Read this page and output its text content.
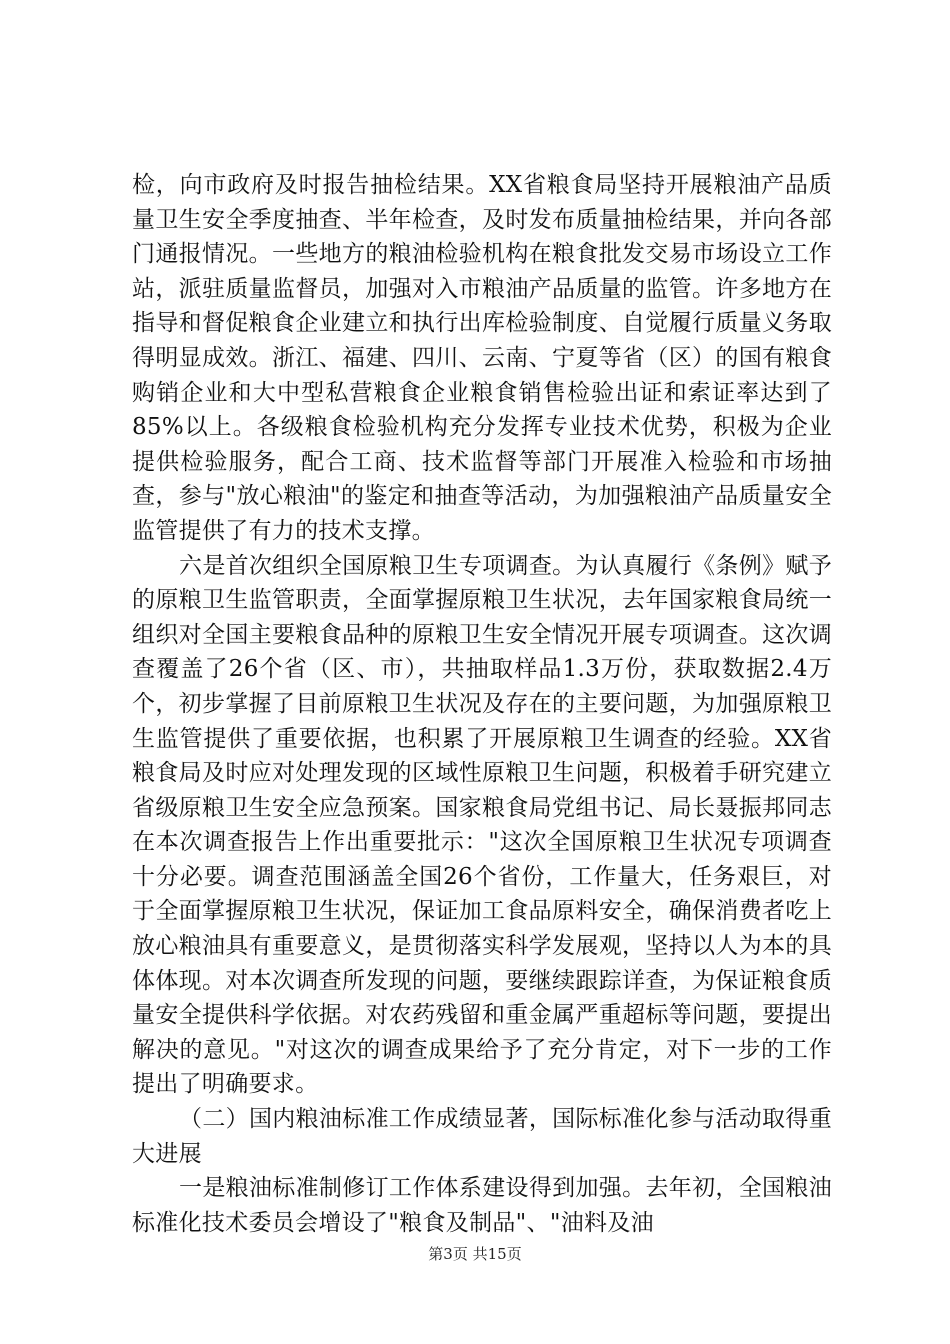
检，向市政府及时报告抽检结果。XX省粮食局坚持开展粮油产品质量卫生安全季度抽查、半年检查，及时发布质量抽检结果，并向各部门通报情况。一些地方的粮油检验机构在粮食批发交易市场设立工作站，派驻质量监督员，加强对入市粮油产品质量的监管。许多地方在指导和督促粮食企业建立和执行出库检验制度、自觉履行质量义务取得明显成效。浙江、福建、四川、云南、宁夏等省（区）的国有粮食购销企业和大中型私营粮食企业粮食销售检验出证和索证率达到了85%以上。各级粮食检验机构充分发挥专业技术优势，积极为企业提供检验服务，配合工商、技术监督等部门开展准入检验和市场抽查，参与"放心粮油"的鉴定和抽查等活动，为加强粮油产品质量安全监管提供了有力的技术支撑。

六是首次组织全国原粮卫生专项调查。为认真履行《条例》赋予的原粮卫生监管职责，全面掌握原粮卫生状况，去年国家粮食局统一组织对全国主要粮食品种的原粮卫生安全情况开展专项调查。这次调查覆盖了26个省（区、市），共抽取样品1.3万份，获取数据2.4万个，初步掌握了目前原粮卫生状况及存在的主要问题，为加强原粮卫生监管提供了重要依据，也积累了开展原粮卫生调查的经验。XX省粮食局及时应对处理发现的区域性原粮卫生问题，积极着手研究建立省级原粮卫生安全应急预案。国家粮食局党组书记、局长聂振邦同志在本次调查报告上作出重要批示："这次全国原粮卫生状况专项调查十分必要。调查范围涵盖全国26个省份，工作量大，任务艰巨，对于全面掌握原粮卫生状况，保证加工食品原料安全，确保消费者吃上放心粮油具有重要意义，是贯彻落实科学发展观，坚持以人为本的具体体现。对本次调查所发现的问题，要继续跟踪详查，为保证粮食质量安全提供科学依据。对农药残留和重金属严重超标等问题，要提出解决的意见。"对这次的调查成果给予了充分肯定，对下一步的工作提出了明确要求。

（二）国内粮油标准工作成绩显著，国际标准化参与活动取得重大进展

一是粮油标准制修订工作体系建设得到加强。去年初，全国粮油标准化技术委员会增设了"粮食及制品"、"油料及油

第3页 共15页
